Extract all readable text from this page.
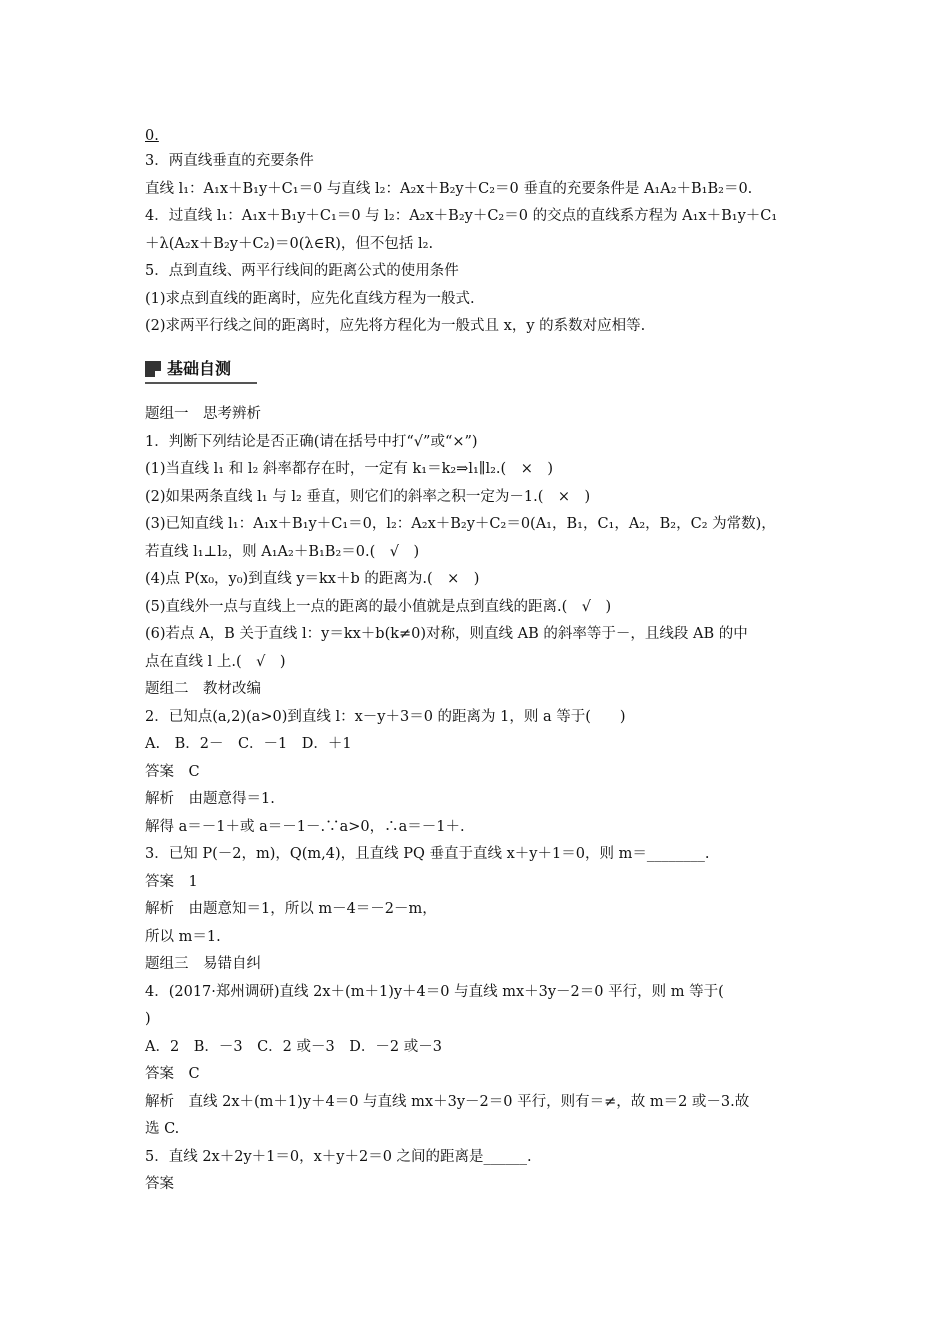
0.
3．两直线垂直的充要条件
直线 l₁：A₁x＋B₁y＋C₁＝0 与直线 l₂：A₂x＋B₂y＋C₂＝0 垂直的充要条件是 A₁A₂＋B₁B₂＝0.
4．过直线 l₁：A₁x＋B₁y＋C₁＝0 与 l₂：A₂x＋B₂y＋C₂＝0 的交点的直线系方程为 A₁x＋B₁y＋C₁
＋λ(A₂x＋B₂y＋C₂)＝0(λ∈R)，但不包括 l₂.
5．点到直线、两平行线间的距离公式的使用条件
(1)求点到直线的距离时，应先化直线方程为一般式.
(2)求两平行线之间的距离时，应先将方程化为一般式且 x，y 的系数对应相等.
基础自测
题组一　思考辨析
1．判断下列结论是否正确(请在括号中打“√”或“×”)
(1)当直线 l₁ 和 l₂ 斜率都存在时，一定有 k₁＝k₂⇒l₁∥l₂.(　×　)
(2)如果两条直线 l₁ 与 l₂ 垂直，则它们的斜率之积一定为－1.(　×　)
(3)已知直线 l₁：A₁x＋B₁y＋C₁＝0，l₂：A₂x＋B₂y＋C₂＝0(A₁，B₁，C₁，A₂，B₂，C₂ 为常数)，
若直线 l₁⊥l₂，则 A₁A₂＋B₁B₂＝0.(　√　)
(4)点 P(x₀，y₀)到直线 y＝kx＋b 的距离为.(　×　)
(5)直线外一点与直线上一点的距离的最小值就是点到直线的距离.(　√　)
(6)若点 A，B 关于直线 l：y＝kx＋b(k≠0)对称，则直线 AB 的斜率等于－，且线段 AB 的中
点在直线 l 上.(　√　)
题组二　教材改编
2．已知点(a,2)(a>0)到直线 l：x－y＋3＝0 的距离为 1，则 a 等于(　　)
A.　B．2－　C．－1　D．＋1
答案　C
解析　由题意得＝1.
解得 a＝－1＋或 a＝－1－.∵a>0，∴a＝－1＋.
3．已知 P(－2，m)，Q(m,4)，且直线 PQ 垂直于直线 x＋y＋1＝0，则 m＝________.
答案　1
解析　由题意知＝1，所以 m－4＝－2－m，
所以 m＝1.
题组三　易错自纠
4．(2017·郑州调研)直线 2x＋(m＋1)y＋4＝0 与直线 mx＋3y－2＝0 平行，则 m 等于(
)
A．2　B．－3　C．2 或－3　D．－2 或－3
答案　C
解析　直线 2x＋(m＋1)y＋4＝0 与直线 mx＋3y－2＝0 平行，则有＝≠，故 m＝2 或－3.故
选 C.
5．直线 2x＋2y＋1＝0，x＋y＋2＝0 之间的距离是______.
答案
